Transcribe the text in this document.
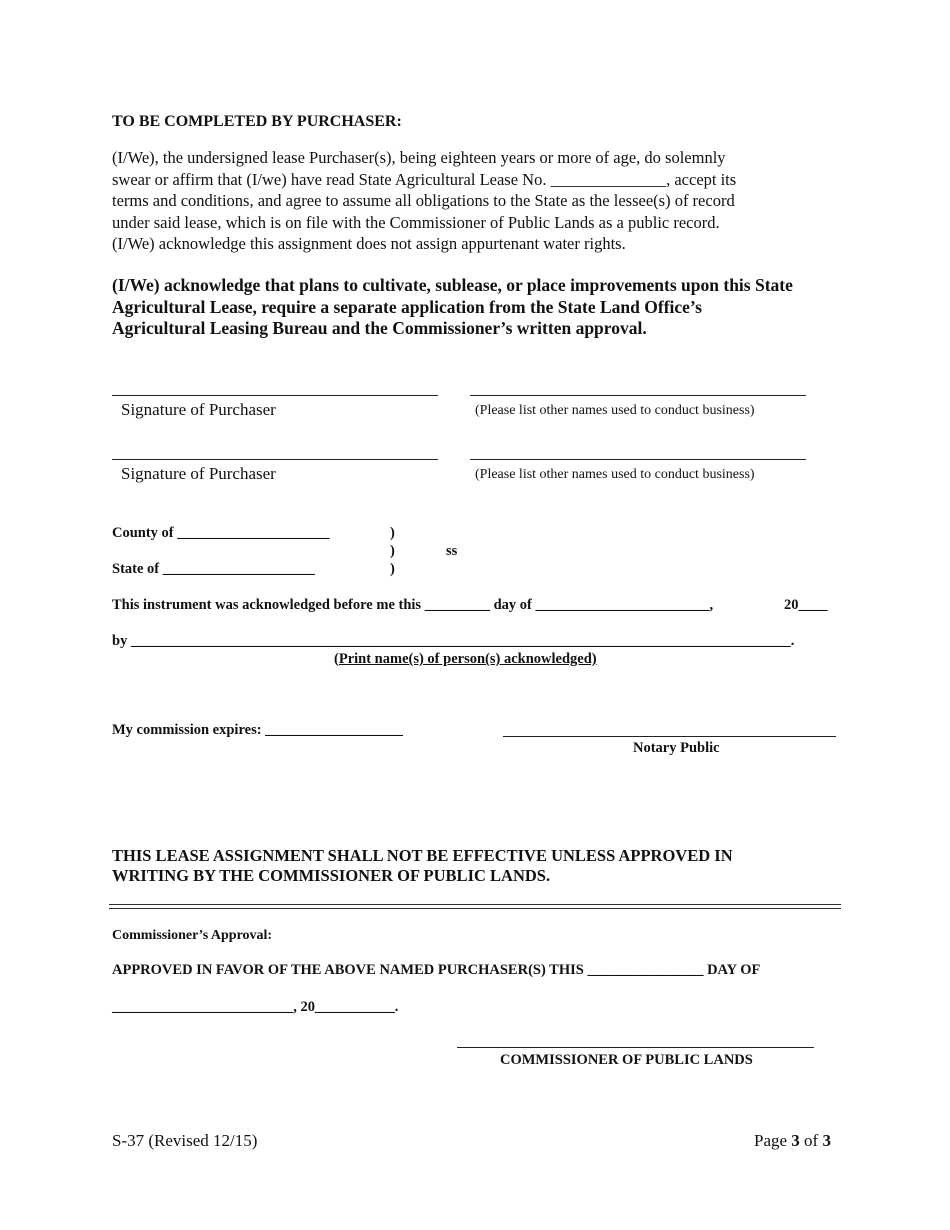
TO BE COMPLETED BY PURCHASER:
(I/We), the undersigned lease Purchaser(s), being eighteen years or more of age, do solemnly
swear or affirm that (I/we) have read State Agricultural Lease No. ______________, accept its
terms and conditions, and agree to assume all obligations to the State as the lessee(s) of record
under said lease, which is on file with the Commissioner of Public Lands as a public record.
(I/We) acknowledge this assignment does not assign appurtenant water rights.
(I/We) acknowledge that plans to cultivate, sublease, or place improvements upon this State
Agricultural Lease, require a separate application from the State Land Office’s
Agricultural Leasing Bureau and the Commissioner’s written approval.
Signature of Purchaser	(Please list other names used to conduct business)
Signature of Purchaser	(Please list other names used to conduct business)
County of _____________________	)
)	ss
State of _____________________	)
This instrument was acknowledged before me this _________ day of ________________________,	20____
by ___________________________________________________________________________________________.
(Print name(s) of person(s) acknowledged)
My commission expires: ___________________
Notary Public
THIS LEASE ASSIGNMENT SHALL NOT BE EFFECTIVE UNLESS APPROVED IN
WRITING BY THE COMMISSIONER OF PUBLIC LANDS.
Commissioner’s Approval:
APPROVED IN FAVOR OF THE ABOVE NAMED PURCHASER(S) THIS ________________ DAY OF
_________________________, 20___________.
COMMISSIONER OF PUBLIC LANDS
S-37 (Revised 12/15)	Page 3 of 3
